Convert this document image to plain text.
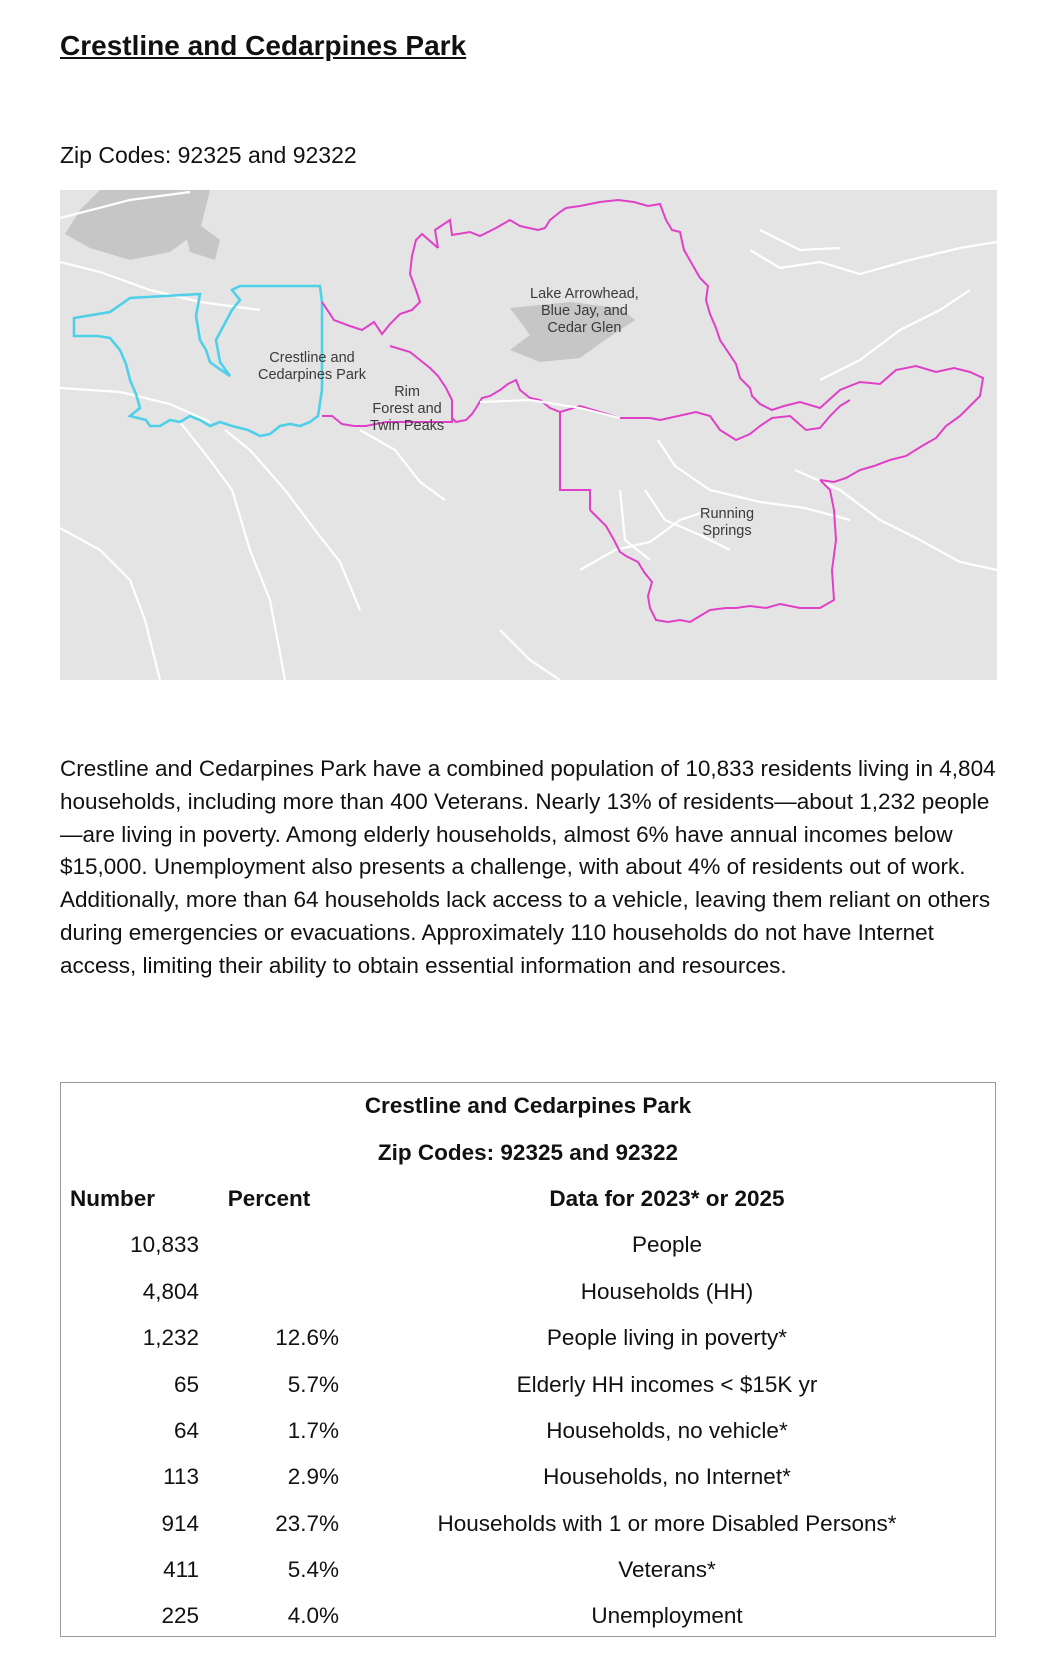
Crestline and Cedarpines Park

Zip Codes: 92325 and 92322

Lake Arrowhead,
Blue Jay, and
Cedar Glen
Crestline and
Cedarpines Park
Rim
Forest and
Twin Peaks
Running
Springs

Crestline and Cedarpines Park have a combined population of 10,833 residents living in 4,804 households, including more than 400 Veterans. Nearly 13% of residents—about 1,232 people—are living in poverty. Among elderly households, almost 6% have annual incomes below $15,000. Unemployment also presents a challenge, with about 4% of residents out of work. Additionally, more than 64 households lack access to a vehicle, leaving them reliant on others during emergencies or evacuations. Approximately 110 households do not have Internet access, limiting their ability to obtain essential information and resources.

Crestline and Cedarpines Park		
Zip Codes: 92325 and 92322		
Number	Percent	Data for 2023* or 2025
10,833		People
4,804		Households (HH)
1,232	12.6%	People living in poverty*
65	5.7%	Elderly HH incomes < $15K yr
64	1.7%	Households, no vehicle*
113	2.9%	Households, no Internet*
914	23.7%	Households with 1 or more Disabled Persons*
411	5.4%	Veterans*
225	4.0%	Unemployment
